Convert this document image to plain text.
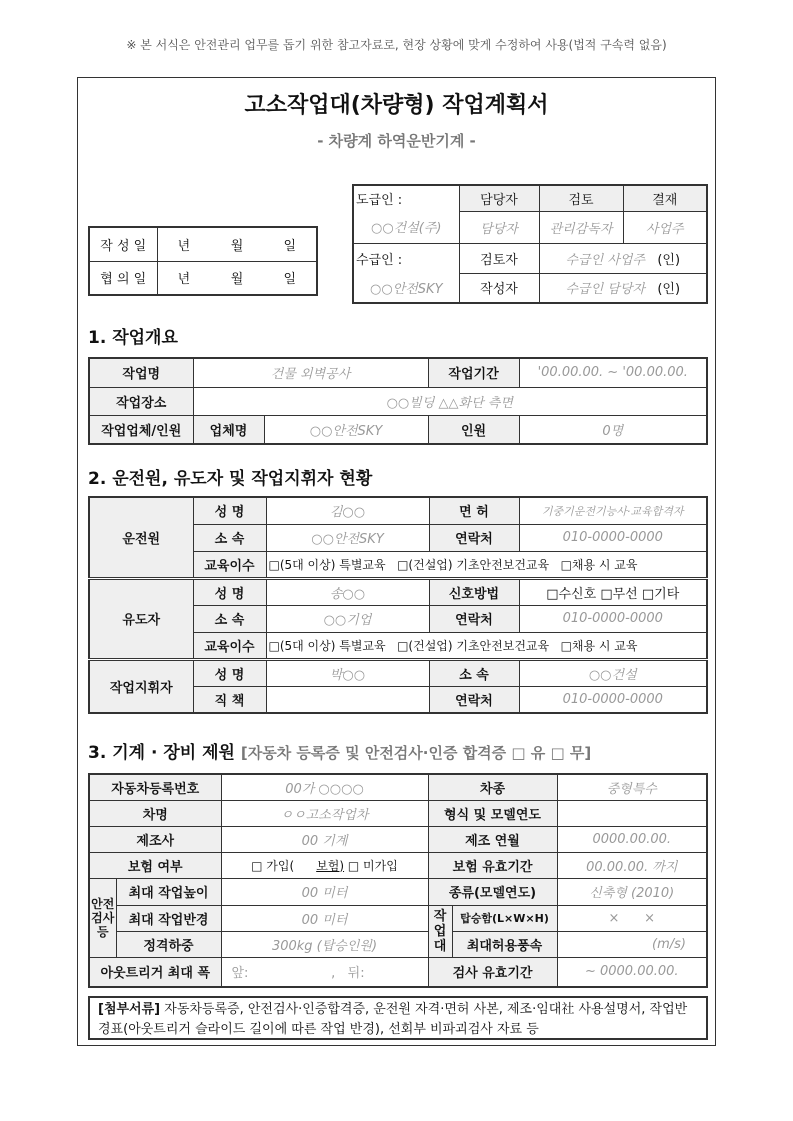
※ 본 서식은 안전관리 업무를 돕기 위한 참고자료로, 현장 상황에 맞게 수정하여 사용(법적 구속력 없음)
고소작업대(차량형) 작업계획서
- 차량계 하역운반기계 -
작 성 일	년	월	일
협 의 일	년	월	일
도급인 :	담당자	검토	결재
○○건설(주)	담당자	관리감독자	사업주
수급인 :	검토자	수급인 사업주 (인)	
○○안전SKY	작성자	수급인 담당자 (인)	
1. 작업개요
작업명	건물 외벽공사		작업기간	'00.00.00. ~ '00.00.00.
작업장소	○○빌딩 △△화단 측면			
작업업체/인원	업체명	○○안전SKY	인원	0명
2. 운전원, 유도자 및 작업지휘자 현황
운전원	성 명	김○○	면 허	기중기운전기능사·교육합격자
	소 속	○○안전SKY	연락처	010-0000-0000
	교육이수	□(5대 이상) 특별교육 □(건설업) 기초안전보건교육 □채용 시 교육		
유도자	성 명	송○○	신호방법	□수신호 □무선 □기타
	소 속	○○기업	연락처	010-0000-0000
	교육이수	□(5대 이상) 특별교육 □(건설업) 기초안전보건교육 □채용 시 교육		
작업지휘자	성 명	박○○	소 속	○○건설
	직 책		연락처	010-0000-0000
3. 기계 · 장비 제원 [자동차 등록증 및 안전검사·인증 합격증 □ 유 □ 무]
자동차등록번호		00가 ○○○○	차종		중형특수
차명		ㅇㅇ고소작업차	형식 및 모델연도		
제조사		00 기계	제조 연월		0000.00.00.
보험 여부		□ 가입( 보험) □ 미가입	보험 유효기간		00.00.00. 까지
안전검사등	최대 작업높이	00 미터	종류(모델연도)		신축형 (2010)
	최대 작업반경	00 미터	작업대	탑승함(L×W×H)	×      ×
	정격하중	300kg (탑승인원)		최대허용풍속	(m/s)
아웃트리거 최대 폭		앞: ,   뒤:	검사 유효기간		~ 0000.00.00.
[첨부서류] 자동차등록증, 안전검사·인증합격증, 운전원 자격·면허 사본, 제조·임대社 사용설명서, 작업반경표(아웃트리거 슬라이드 길이에 따른 작업 반경), 선회부 비파괴검사 자료 등
